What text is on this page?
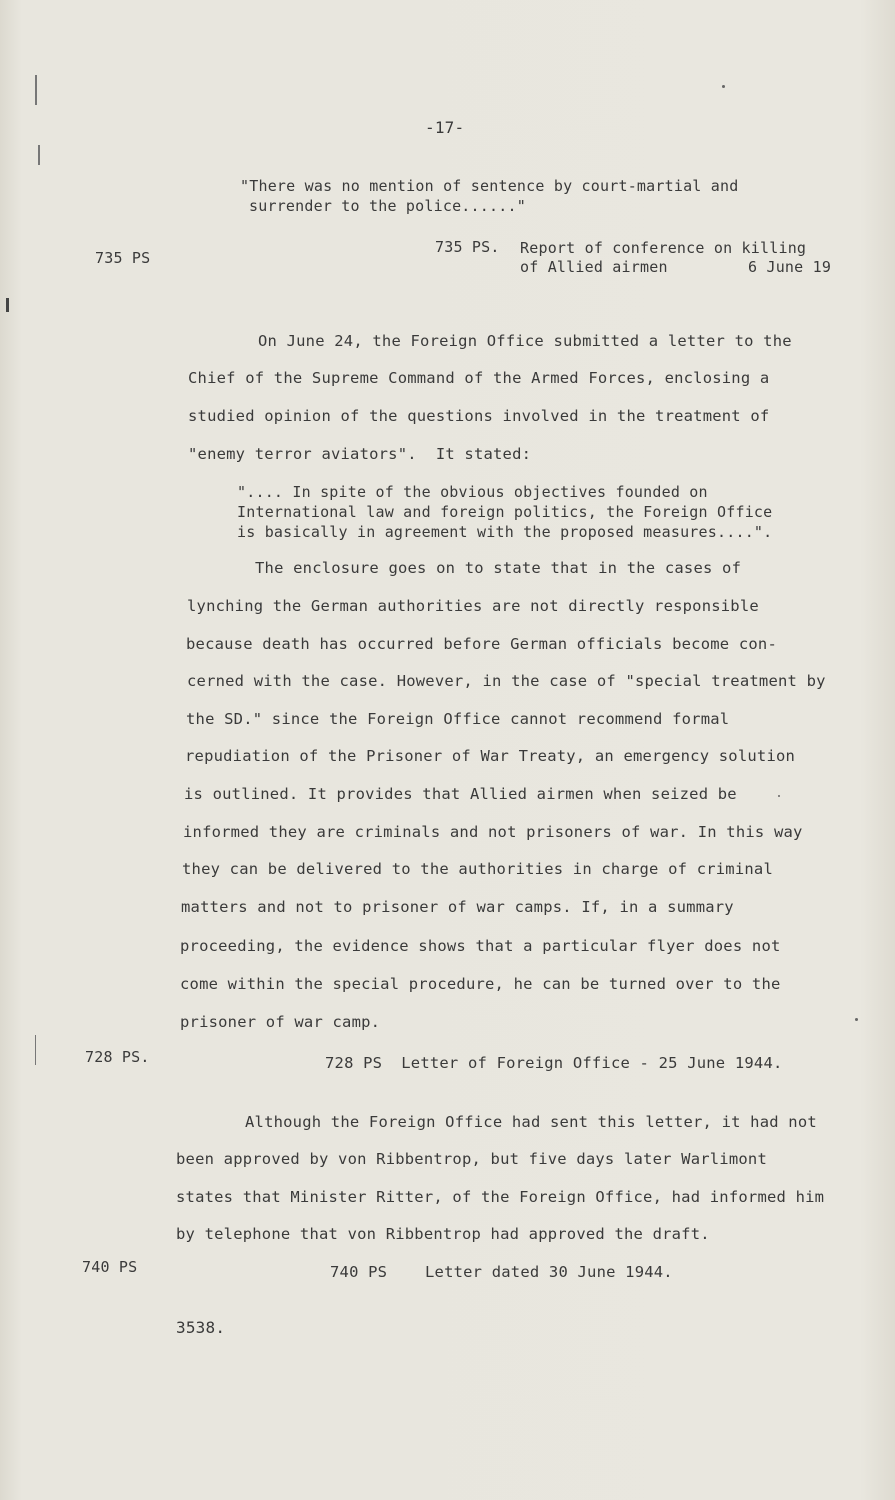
-17-
"There was no mention of sentence by court-martial and
surrender to the police......"
735 PS
735 PS. Report of conference on killing
of Allied airmen	6 June 19
On June 24, the Foreign Office submitted a letter to the
Chief of the Supreme Command of the Armed Forces, enclosing a
studied opinion of the questions involved in the treatment of
"enemy terror aviators".  It stated:
".... In spite of the obvious objectives founded on
International law and foreign politics, the Foreign Office
is basically in agreement with the proposed measures....".
The enclosure goes on to state that in the cases of
lynching the German authorities are not directly responsible
because death has occurred before German officials become con-
cerned with the case. However, in the case of "special treatment by
the SD." since the Foreign Office cannot recommend formal
repudiation of the Prisoner of War Treaty, an emergency solution
is outlined. It provides that Allied airmen when seized be
informed they are criminals and not prisoners of war. In this way
they can be delivered to the authorities in charge of criminal
matters and not to prisoner of war camps. If, in a summary
proceeding, the evidence shows that a particular flyer does not
come within the special procedure, he can be turned over to the
prisoner of war camp.
728 PS.	728 PS  Letter of Foreign Office - 25 June 1944.
Although the Foreign Office had sent this letter, it had not
been approved by von Ribbentrop, but five days later Warlimont
states that Minister Ritter, of the Foreign Office, had informed him
by telephone that von Ribbentrop had approved the draft.
740 PS	740 PS Letter dated 30 June 1944.
3538.
